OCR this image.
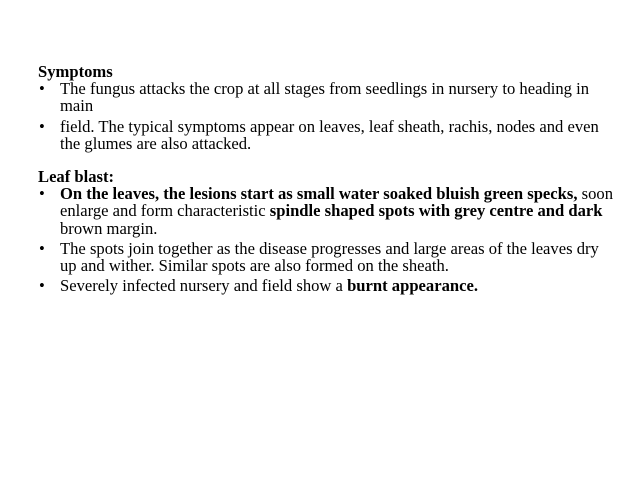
Symptoms

• The fungus attacks the crop at all stages from seedlings in nursery to heading in main
• field. The typical symptoms appear on leaves, leaf sheath, rachis, nodes and even the glumes are also attacked.

Leaf blast:

• On the leaves, the lesions start as small water soaked bluish green specks, soon enlarge and form characteristic spindle shaped spots with grey centre and dark brown margin.
• The spots join together as the disease progresses and large areas of the leaves dry up and wither. Similar spots are also formed on the sheath.
• Severely infected nursery and field show a burnt appearance.
